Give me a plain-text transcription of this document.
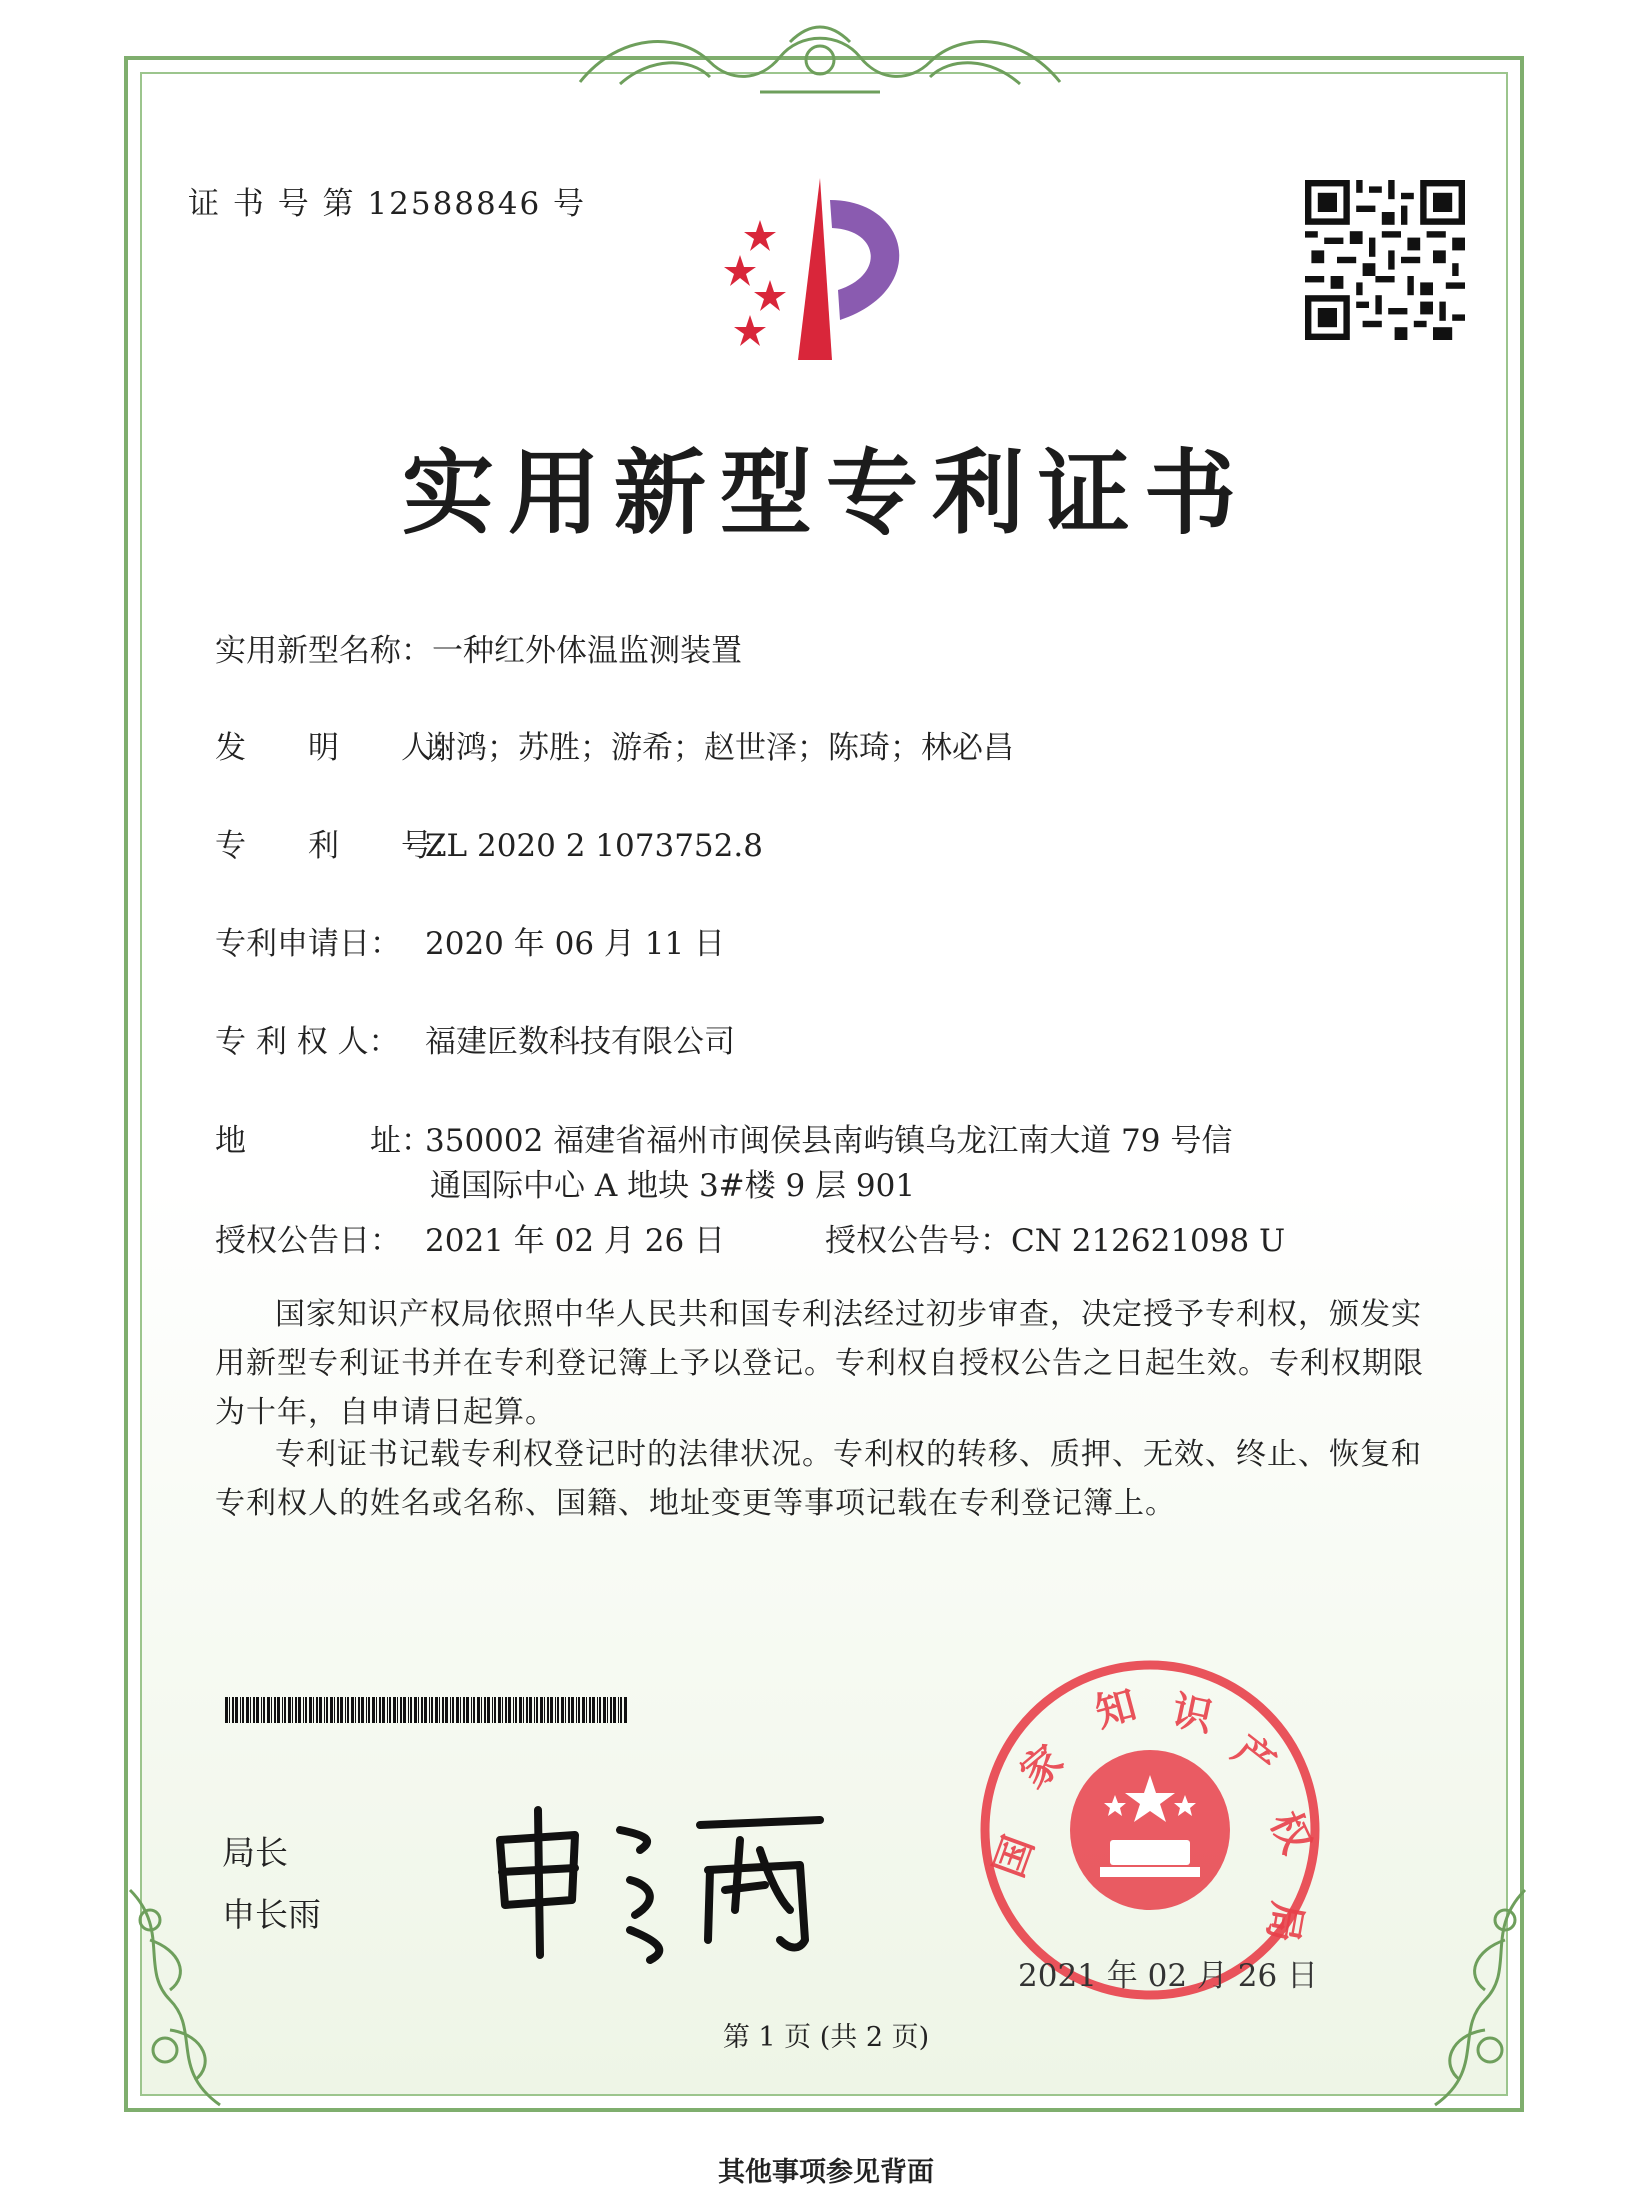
证 书 号 第 12588846 号
实用新型专利证书
实用新型名称：一种红外体温监测装置
发　　明　　人：谢鸿；苏胜；游希；赵世泽；陈琦；林必昌
专　　利　　号：ZL 2020 2 1073752.8
专利申请日： 2020 年 06 月 11 日
专 利 权 人： 福建匠数科技有限公司
地　　　　址：350002 福建省福州市闽侯县南屿镇乌龙江南大道 79 号信
通国际中心 A 地块 3#楼 9 层 901
授权公告日： 2021 年 02 月 26 日	授权公告号：CN 212621098 U
国家知识产权局依照中华人民共和国专利法经过初步审查，决定授予专利权，颁发实用新型专利证书并在专利登记簿上予以登记。专利权自授权公告之日起生效。专利权期限为十年，自申请日起算。
专利证书记载专利权登记时的法律状况。专利权的转移、质押、无效、终止、恢复和专利权人的姓名或名称、国籍、地址变更等事项记载在专利登记簿上。
局长
申长雨
国
家
知 识
产
权
局
2021 年 02 月 26 日
第 1 页 (共 2 页)
其他事项参见背面
